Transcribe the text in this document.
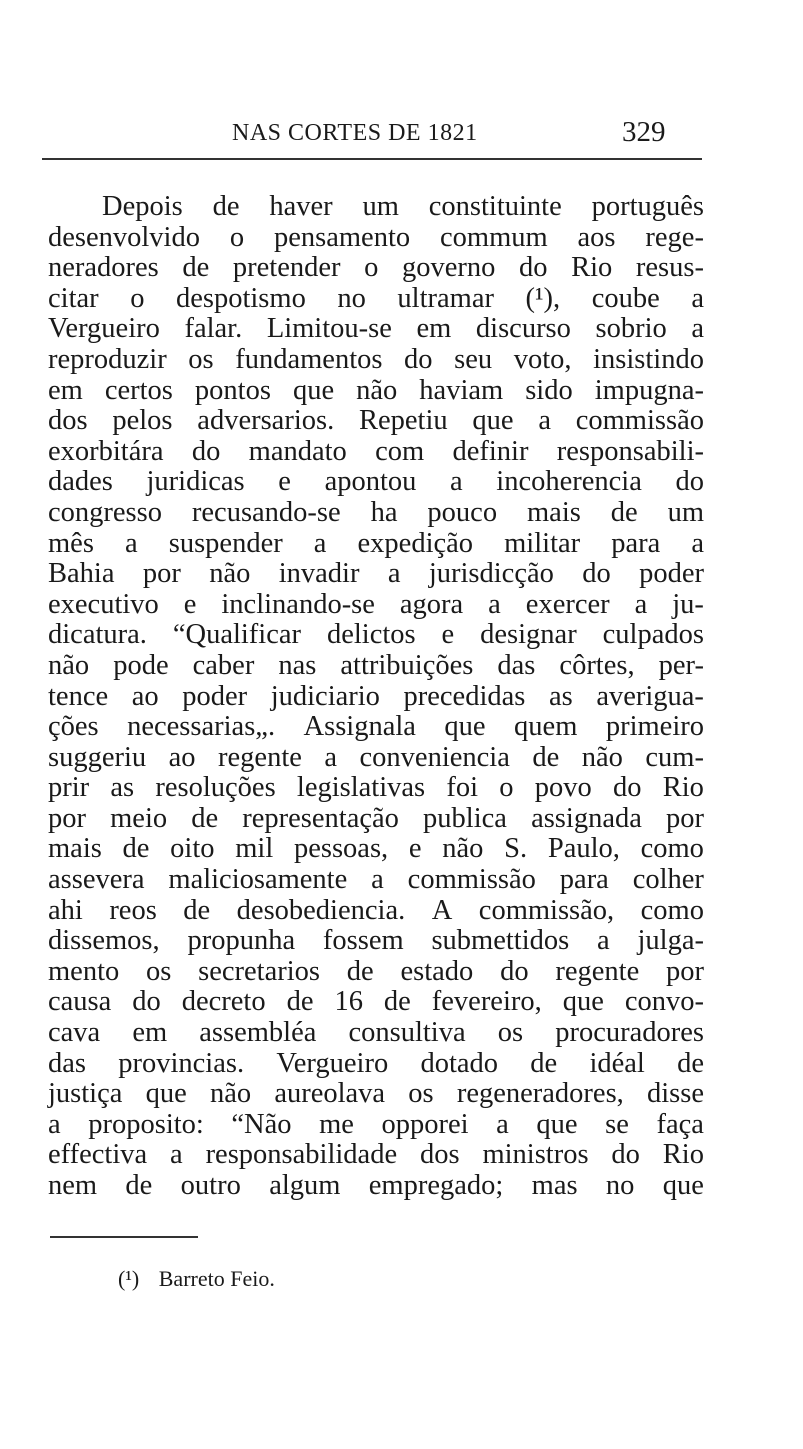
NAS CORTES DE 1821	329
Depois de haver um constituinte português
desenvolvido o pensamento commum aos rege-
neradores de pretender o governo do Rio resus-
citar o despotismo no ultramar (¹), coube a
Vergueiro falar. Limitou-se em discurso sobrio a
reproduzir os fundamentos do seu voto, insistindo
em certos pontos que não haviam sido impugna-
dos pelos adversarios. Repetiu que a commissão
exorbitára do mandato com definir responsabili-
dades juridicas e apontou a incoherencia do
congresso recusando-se ha pouco mais de um
mês a suspender a expedição militar para a
Bahia por não invadir a jurisdicção do poder
executivo e inclinando-se agora a exercer a ju-
dicatura. “Qualificar delictos e designar culpados
não pode caber nas attribuições das côrtes, per-
tence ao poder judiciario precedidas as averigua-
ções necessarias„. Assignala que quem primeiro
suggeriu ao regente a conveniencia de não cum-
prir as resoluções legislativas foi o povo do Rio
por meio de representação publica assignada por
mais de oito mil pessoas, e não S. Paulo, como
assevera maliciosamente a commissão para colher
ahi reos de desobediencia. A commissão, como
dissemos, propunha fossem submettidos a julga-
mento os secretarios de estado do regente por
causa do decreto de 16 de fevereiro, que convo-
cava em assembléa consultiva os procuradores
das provincias. Vergueiro dotado de idéal de
justiça que não aureolava os regeneradores, disse
a proposito: “Não me opporei a que se faça
effectiva a responsabilidade dos ministros do Rio
nem de outro algum empregado; mas no que
(¹) Barreto Feio.
